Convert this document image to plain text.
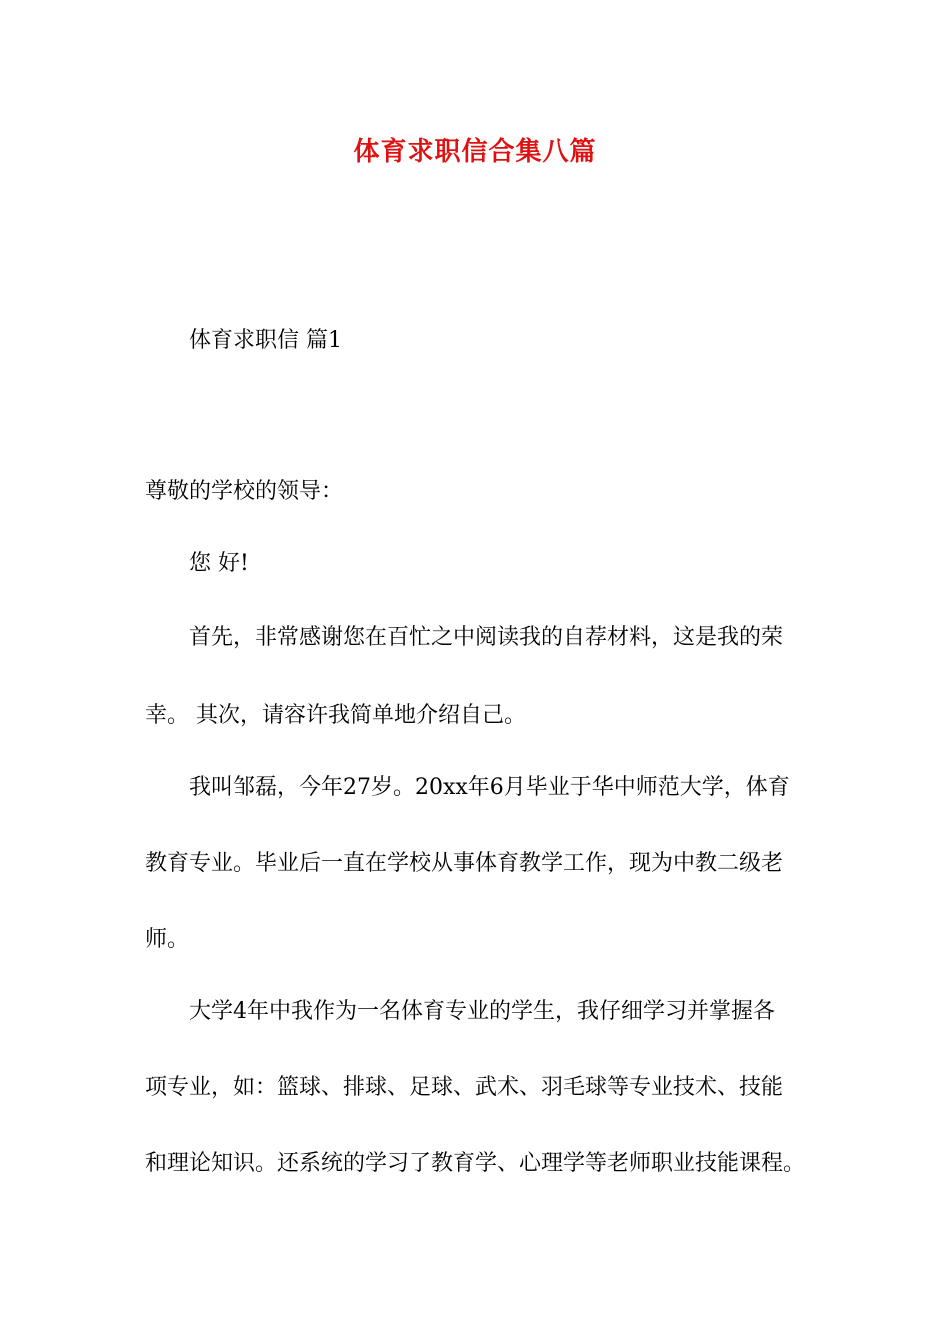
体育求职信合集八篇
体育求职信 篇1
尊敬的学校的领导：
您 好!
首先，非常感谢您在百忙之中阅读我的自荐材料，这是我的荣
幸。 其次，请容许我简单地介绍自己。
我叫邹磊，今年27岁。20xx年6月毕业于华中师范大学，体育
教育专业。毕业后一直在学校从事体育教学工作，现为中教二级老
师。
大学4年中我作为一名体育专业的学生，我仔细学习并掌握各
项专业，如：篮球、排球、足球、武术、羽毛球等专业技术、技能
和理论知识。还系统的学习了教育学、心理学等老师职业技能课程。
